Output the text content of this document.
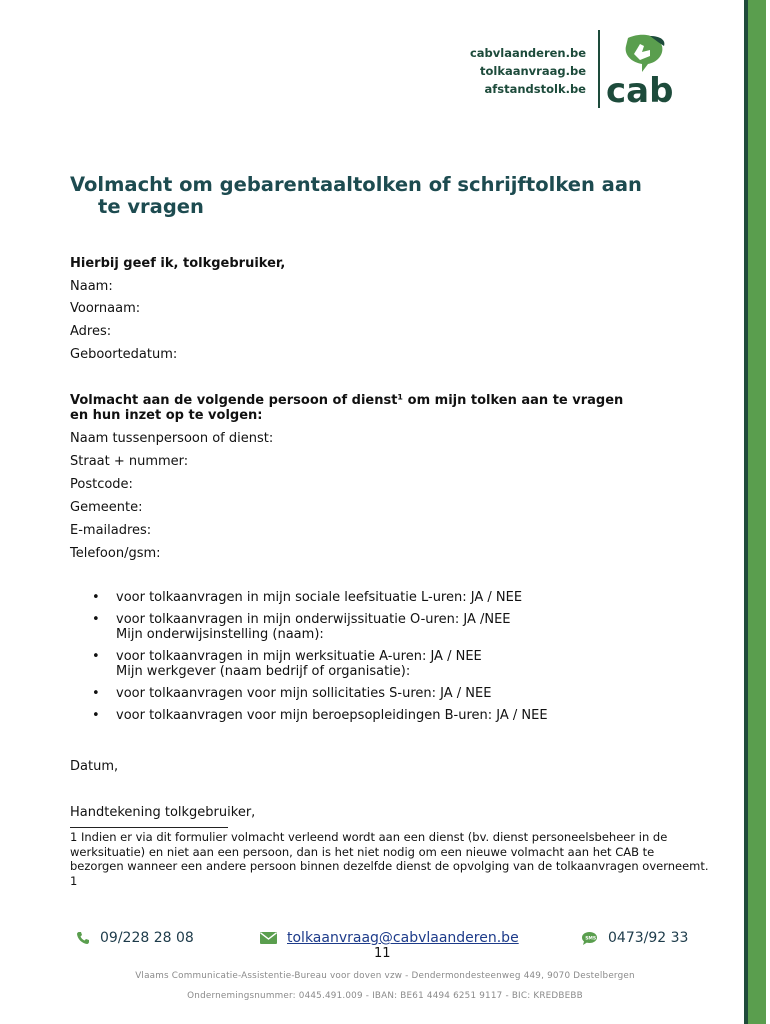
cabvlaanderen.be
tolkaanvraag.be
afstandstolk.be cab
Volmacht om gebarentaaltolken of schrijftolken aan
te vragen
Hierbij geef ik, tolkgebruiker,
Naam:
Voornaam:
Adres:
Geboortedatum:
Volmacht aan de volgende persoon of dienst¹ om mijn tolken aan te vragen
en hun inzet op te volgen:
Naam tussenpersoon of dienst:
Straat + nummer:
Postcode:
Gemeente:
E-mailadres:
Telefoon/gsm:
• voor tolkaanvragen in mijn sociale leefsituatie L-uren: JA / NEE
• voor tolkaanvragen in mijn onderwijssituatie O-uren: JA /NEE
Mijn onderwijsinstelling (naam):
• voor tolkaanvragen in mijn werksituatie A-uren: JA / NEE
Mijn werkgever (naam bedrijf of organisatie):
• voor tolkaanvragen voor mijn sollicitaties S-uren: JA / NEE
• voor tolkaanvragen voor mijn beroepsopleidingen B-uren: JA / NEE
Datum,
Handtekening tolkgebruiker,

1 Indien er via dit formulier volmacht verleend wordt aan een dienst (bv. dienst personeelsbeheer in de werksituatie) en niet aan een persoon, dan is het niet nodig om een nieuwe volmacht aan het CAB te bezorgen wanneer een andere persoon binnen dezelfde dienst de opvolging van de tolkaanvragen overneemt.

1

09/228 28 08	tolkaanvraag@cabvlaanderen.be	SMS 0473/92 33
11
Vlaams Communicatie-Assistentie-Bureau voor doven vzw - Dendermondesteenweg 449, 9070 Destelbergen
Ondernemingsnummer: 0445.491.009 - IBAN: BE61 4494 6251 9117 - BIC: KREDBEBB
